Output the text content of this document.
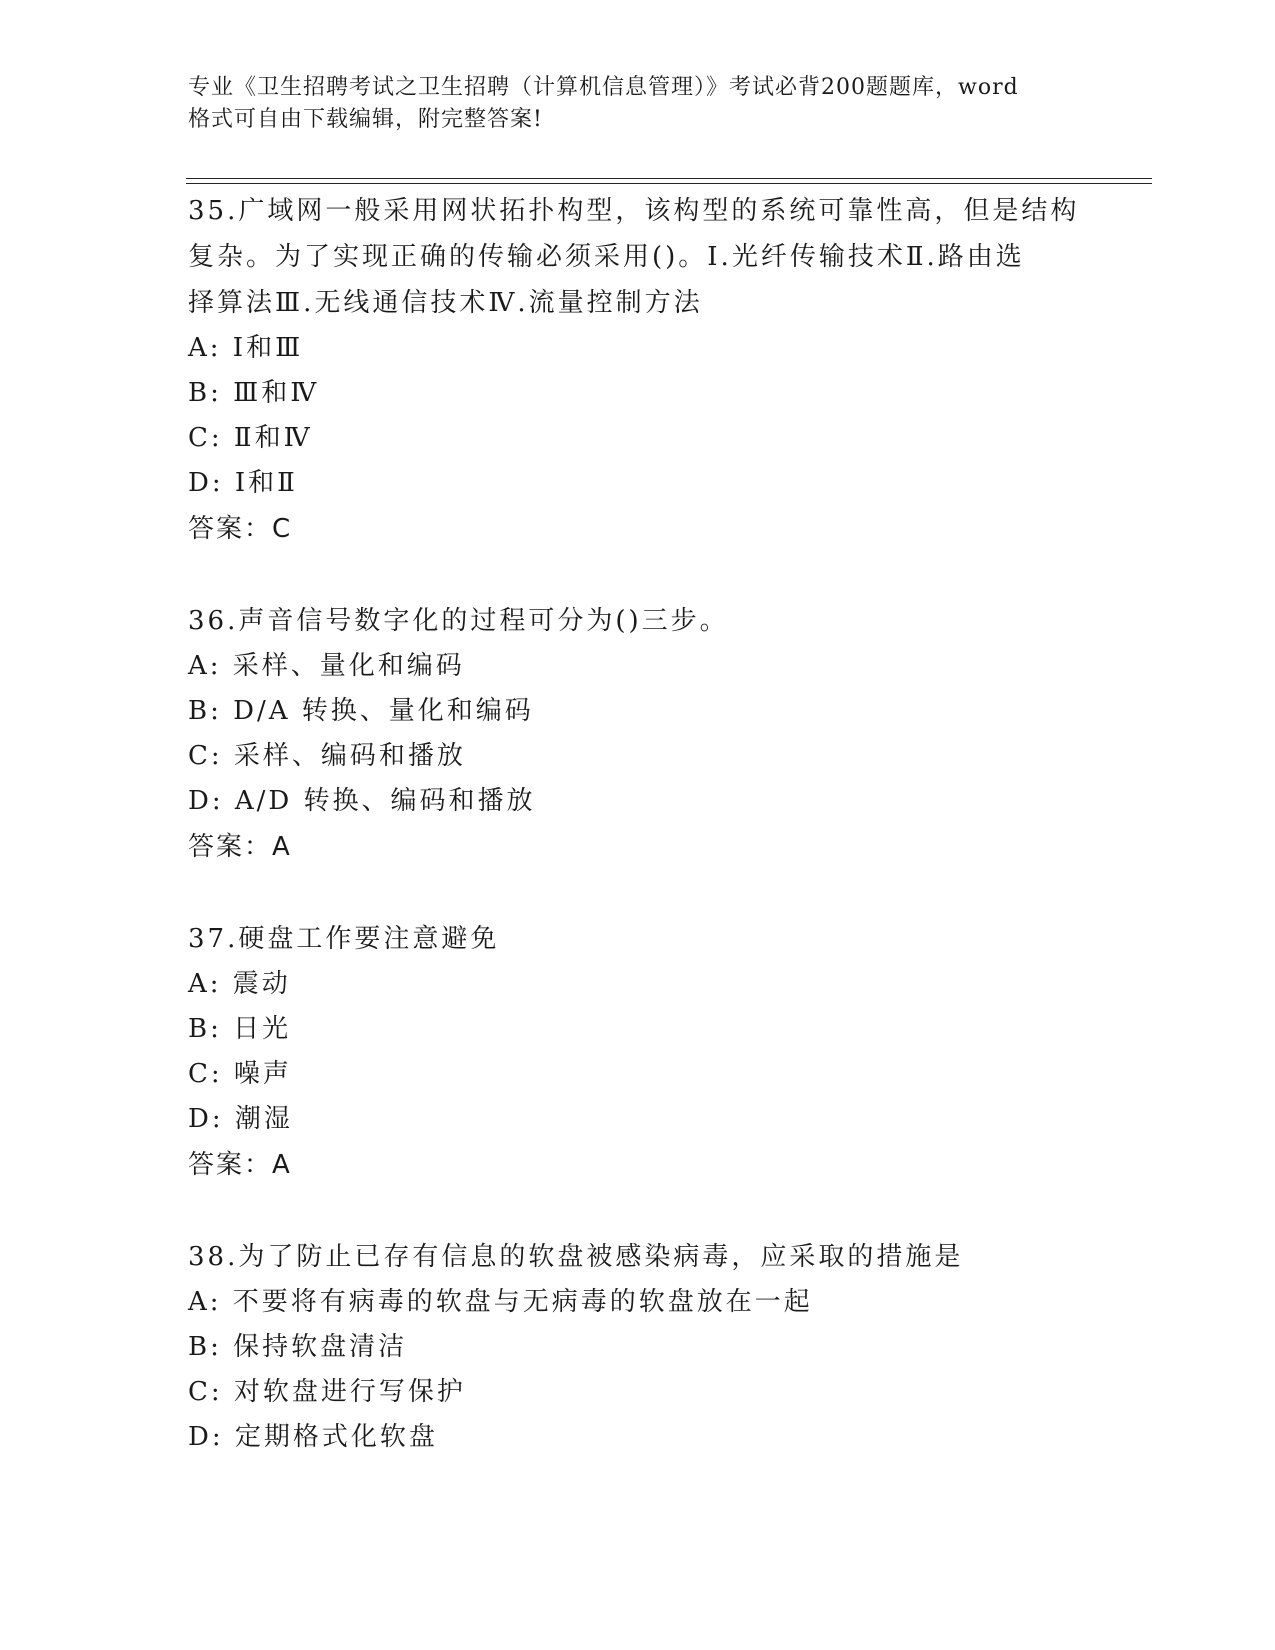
专业《卫生招聘考试之卫生招聘（计算机信息管理）》考试必背200题题库，word
格式可自由下载编辑，附完整答案!
35.广域网一般采用网状拓扑构型，该构型的系统可靠性高，但是结构
复杂。为了实现正确的传输必须采用()。Ⅰ.光纤传输技术Ⅱ.路由选
择算法Ⅲ.无线通信技术Ⅳ.流量控制方法
A: Ⅰ和Ⅲ
B: Ⅲ和Ⅳ
C: Ⅱ和Ⅳ
D: Ⅰ和Ⅱ
答案：C
36.声音信号数字化的过程可分为()三步。
A: 采样、量化和编码
B: D/A 转换、量化和编码
C: 采样、编码和播放
D: A/D 转换、编码和播放
答案：A
37.硬盘工作要注意避免
A: 震动
B: 日光
C: 噪声
D: 潮湿
答案：A
38.为了防止已存有信息的软盘被感染病毒，应采取的措施是
A: 不要将有病毒的软盘与无病毒的软盘放在一起
B: 保持软盘清洁
C: 对软盘进行写保护
D: 定期格式化软盘
